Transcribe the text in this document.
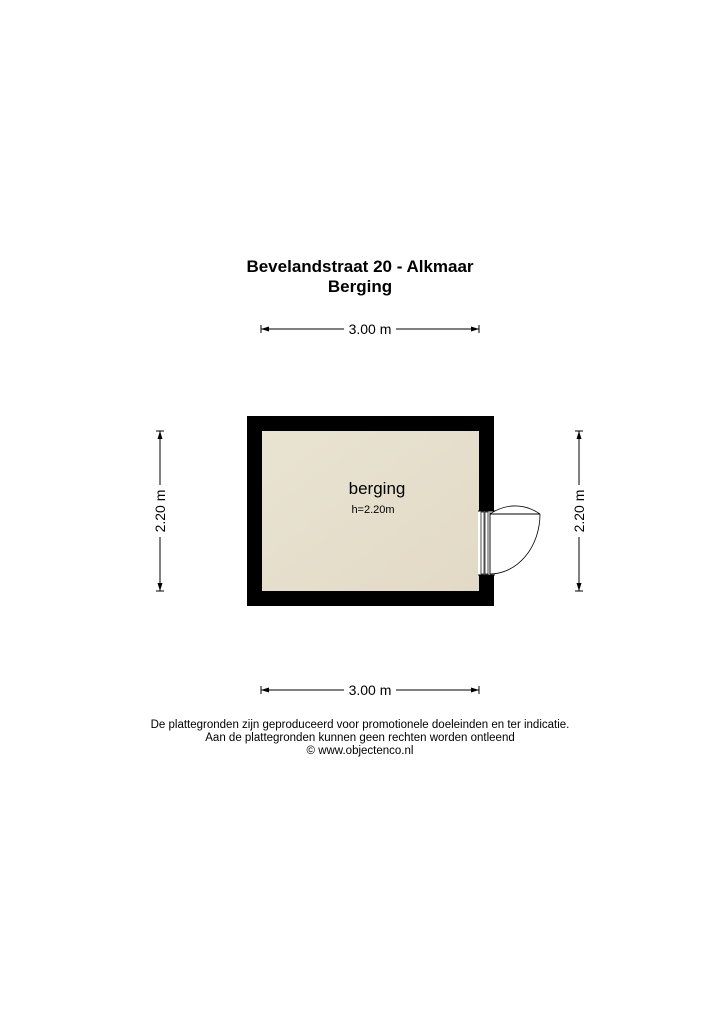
Bevelandstraat 20 - Alkmaar
Berging
3.00 m
3.00 m
2.20 m	2.20 m
berging
h=2.20m
De plattegronden zijn geproduceerd voor promotionele doeleinden en ter indicatie.
Aan de plattegronden kunnen geen rechten worden ontleend
© www.objectenco.nl
